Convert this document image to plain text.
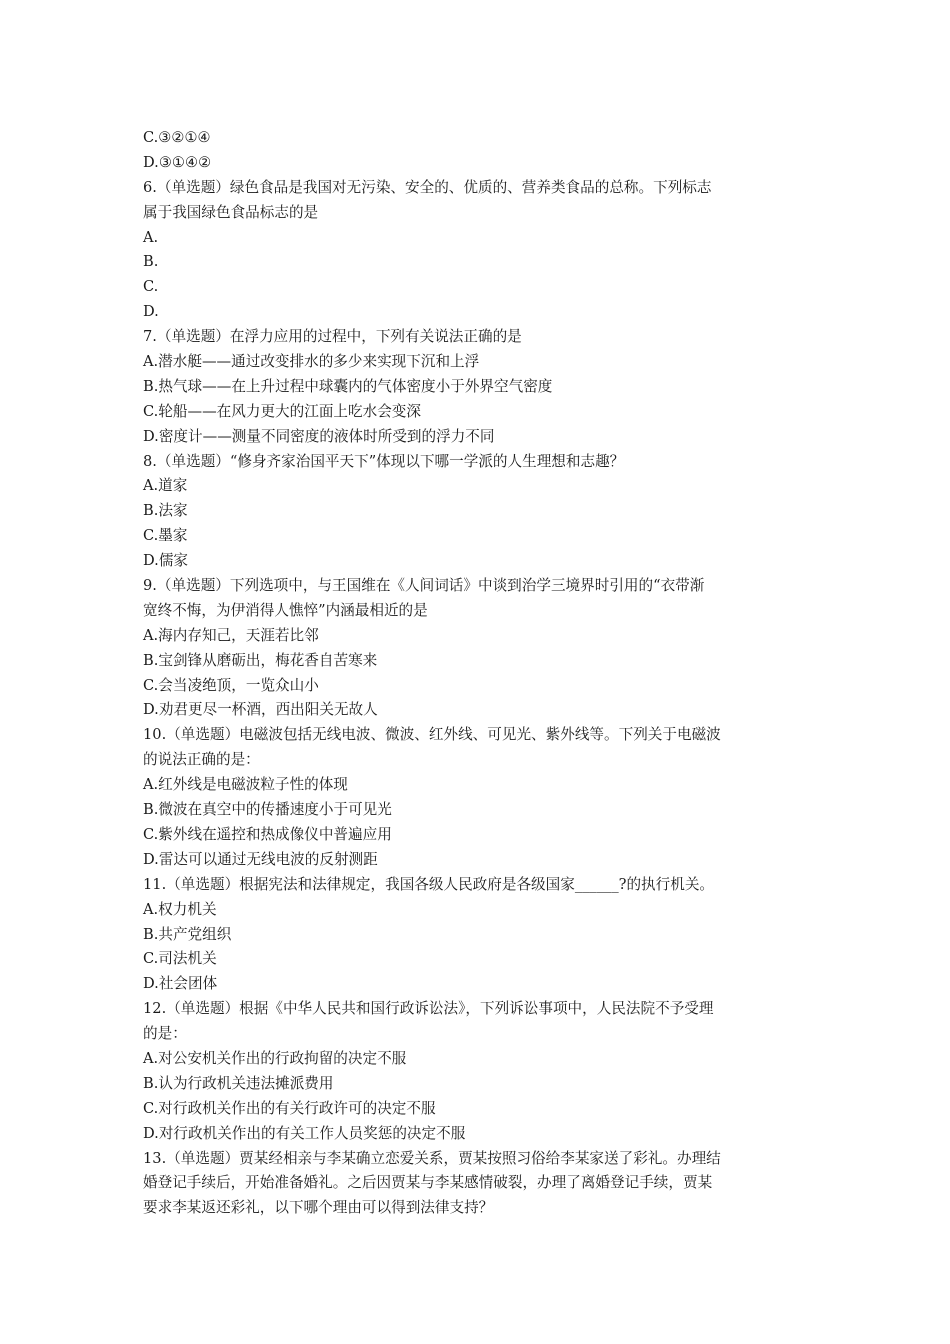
C.③②①④
D.③①④②
6.（单选题）绿色食品是我国对无污染、安全的、优质的、营养类食品的总称。下列标志
属于我国绿色食品标志的是
A.
B.
C.
D.
7.（单选题）在浮力应用的过程中，下列有关说法正确的是
A.潜水艇——通过改变排水的多少来实现下沉和上浮
B.热气球——在上升过程中球囊内的气体密度小于外界空气密度
C.轮船——在风力更大的江面上吃水会变深
D.密度计——测量不同密度的液体时所受到的浮力不同
8.（单选题）“修身齐家治国平天下”体现以下哪一学派的人生理想和志趣？
A.道家
B.法家
C.墨家
D.儒家
9.（单选题）下列选项中，与王国维在《人间词话》中谈到治学三境界时引用的“衣带渐
宽终不悔，为伊消得人憔悴”内涵最相近的是
A.海内存知己，天涯若比邻
B.宝剑锋从磨砺出，梅花香自苦寒来
C.会当凌绝顶，一览众山小
D.劝君更尽一杯酒，西出阳关无故人
10.（单选题）电磁波包括无线电波、微波、红外线、可见光、紫外线等。下列关于电磁波
的说法正确的是：
A.红外线是电磁波粒子性的体现
B.微波在真空中的传播速度小于可见光
C.紫外线在遥控和热成像仪中普遍应用
D.雷达可以通过无线电波的反射测距
11.（单选题）根据宪法和法律规定，我国各级人民政府是各级国家______?的执行机关。
A.权力机关
B.共产党组织
C.司法机关
D.社会团体
12.（单选题）根据《中华人民共和国行政诉讼法》，下列诉讼事项中，人民法院不予受理
的是：
A.对公安机关作出的行政拘留的决定不服
B.认为行政机关违法摊派费用
C.对行政机关作出的有关行政许可的决定不服
D.对行政机关作出的有关工作人员奖惩的决定不服
13.（单选题）贾某经相亲与李某确立恋爱关系，贾某按照习俗给李某家送了彩礼。办理结
婚登记手续后，开始准备婚礼。之后因贾某与李某感情破裂，办理了离婚登记手续，贾某
要求李某返还彩礼，以下哪个理由可以得到法律支持？
